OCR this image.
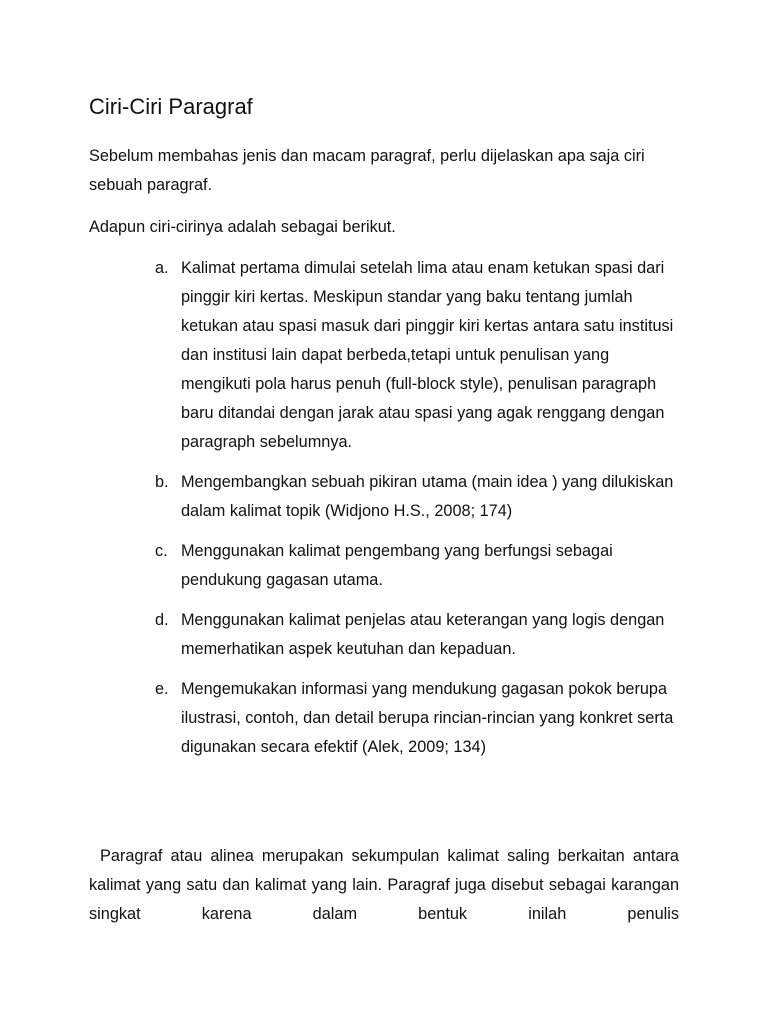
Ciri-Ciri Paragraf

Sebelum membahas jenis dan macam paragraf, perlu dijelaskan apa saja ciri sebuah paragraf.

Adapun ciri-cirinya adalah sebagai berikut.

a. Kalimat pertama dimulai setelah lima atau enam ketukan spasi dari pinggir kiri kertas. Meskipun standar yang baku tentang jumlah ketukan atau spasi masuk dari pinggir kiri kertas antara satu institusi dan institusi lain dapat berbeda,tetapi untuk penulisan yang mengikuti pola harus penuh (full-block style), penulisan paragraph baru ditandai dengan jarak atau spasi yang agak renggang dengan paragraph sebelumnya.
b. Mengembangkan sebuah pikiran utama (main idea ) yang dilukiskan dalam kalimat topik (Widjono H.S., 2008; 174)
c. Menggunakan kalimat pengembang yang berfungsi sebagai pendukung gagasan utama.
d. Menggunakan kalimat penjelas atau keterangan yang logis dengan memerhatikan aspek keutuhan dan kepaduan.
e. Mengemukakan informasi yang mendukung gagasan pokok berupa ilustrasi, contoh, dan detail berupa rincian-rincian yang konkret serta digunakan secara efektif (Alek, 2009; 134)

Paragraf atau alinea merupakan sekumpulan kalimat saling berkaitan antara kalimat yang satu dan kalimat yang lain. Paragraf juga disebut sebagai karangan singkat karena dalam bentuk inilah penulis
